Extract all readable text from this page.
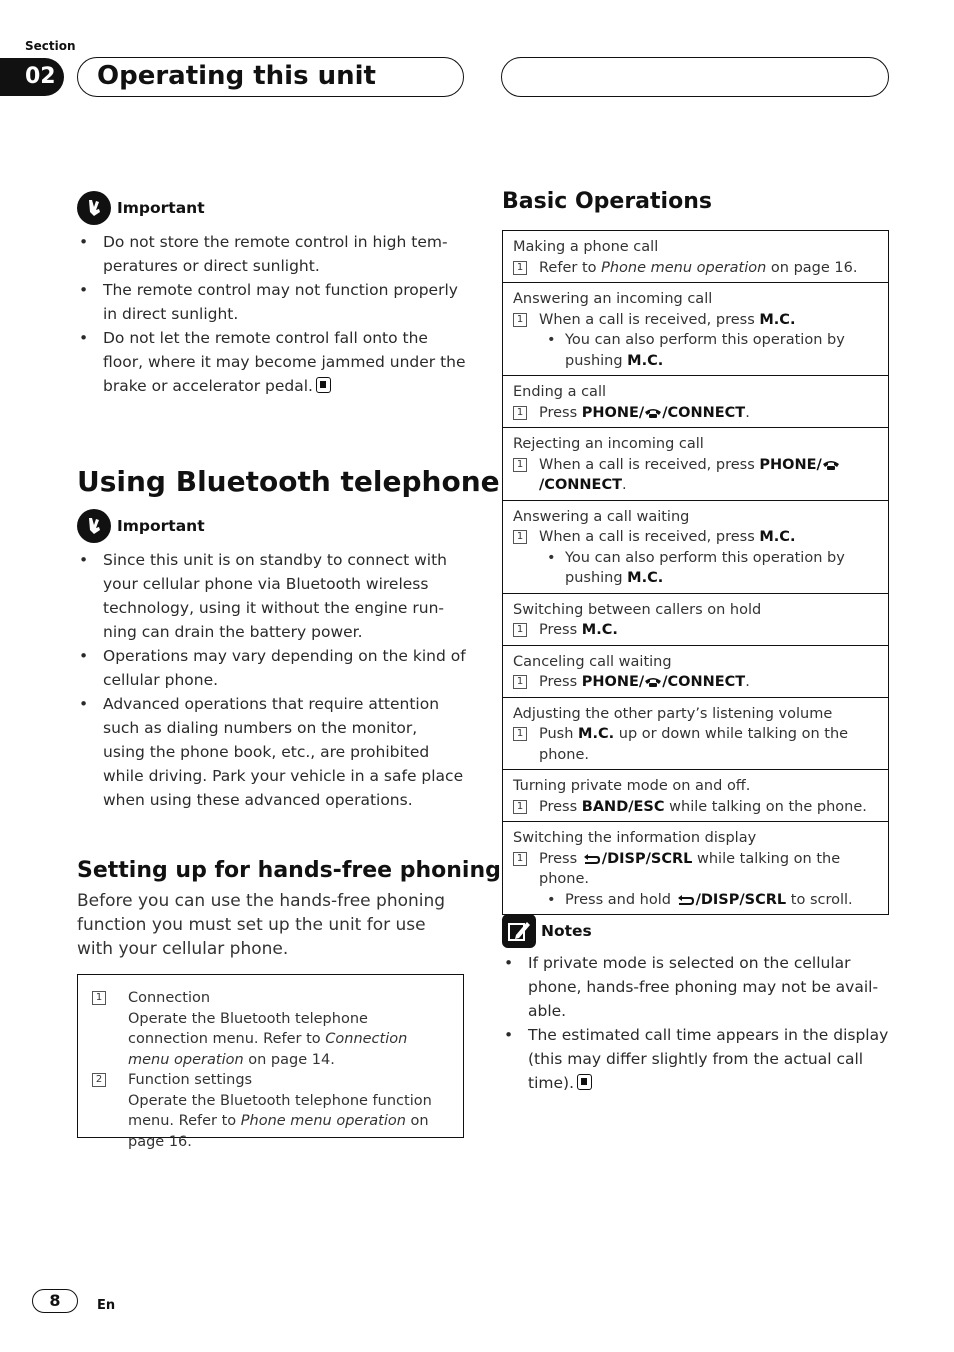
Section
02	Operating this unit
Important
• Do not store the remote control in high tem-
peratures or direct sunlight.
• The remote control may not function properly
in direct sunlight.
• Do not let the remote control fall onto the
floor, where it may become jammed under the
brake or accelerator pedal.
Using Bluetooth telephone
Important
• Since this unit is on standby to connect with
your cellular phone via Bluetooth wireless
technology, using it without the engine run-
ning can drain the battery power.
• Operations may vary depending on the kind of
cellular phone.
• Advanced operations that require attention
such as dialing numbers on the monitor,
using the phone book, etc., are prohibited
while driving. Park your vehicle in a safe place
when using these advanced operations.
Setting up for hands-free phoning
Before you can use the hands-free phoning function you must set up the unit for use with your cellular phone.
1 Connection
Operate the Bluetooth telephone connection menu. Refer to Connection menu operation on page 14.
2 Function settings
Operate the Bluetooth telephone function menu. Refer to Phone menu operation on page 16.
Basic Operations
Making a phone call
1 Refer to Phone menu operation on page 16.
Answering an incoming call
1 When a call is received, press M.C.
• You can also perform this operation by pushing M.C.
Ending a call
1 Press PHONE/ /CONNECT.
Rejecting an incoming call
1 When a call is received, press PHONE//CONNECT.
Answering a call waiting
1 When a call is received, press M.C.
• You can also perform this operation by pushing M.C.
Switching between callers on hold
1 Press M.C.
Canceling call waiting
1 Press PHONE/ /CONNECT.
Adjusting the other party’s listening volume
1 Push M.C. up or down while talking on the phone.
Turning private mode on and off.
1 Press BAND/ESC while talking on the phone.
Switching the information display
1 Press /DISP/SCRL while talking on the phone.
• Press and hold /DISP/SCRL to scroll.
Notes
• If private mode is selected on the cellular
phone, hands-free phoning may not be avail-
able.
• The estimated call time appears in the display
(this may differ slightly from the actual call
time).
8	En
